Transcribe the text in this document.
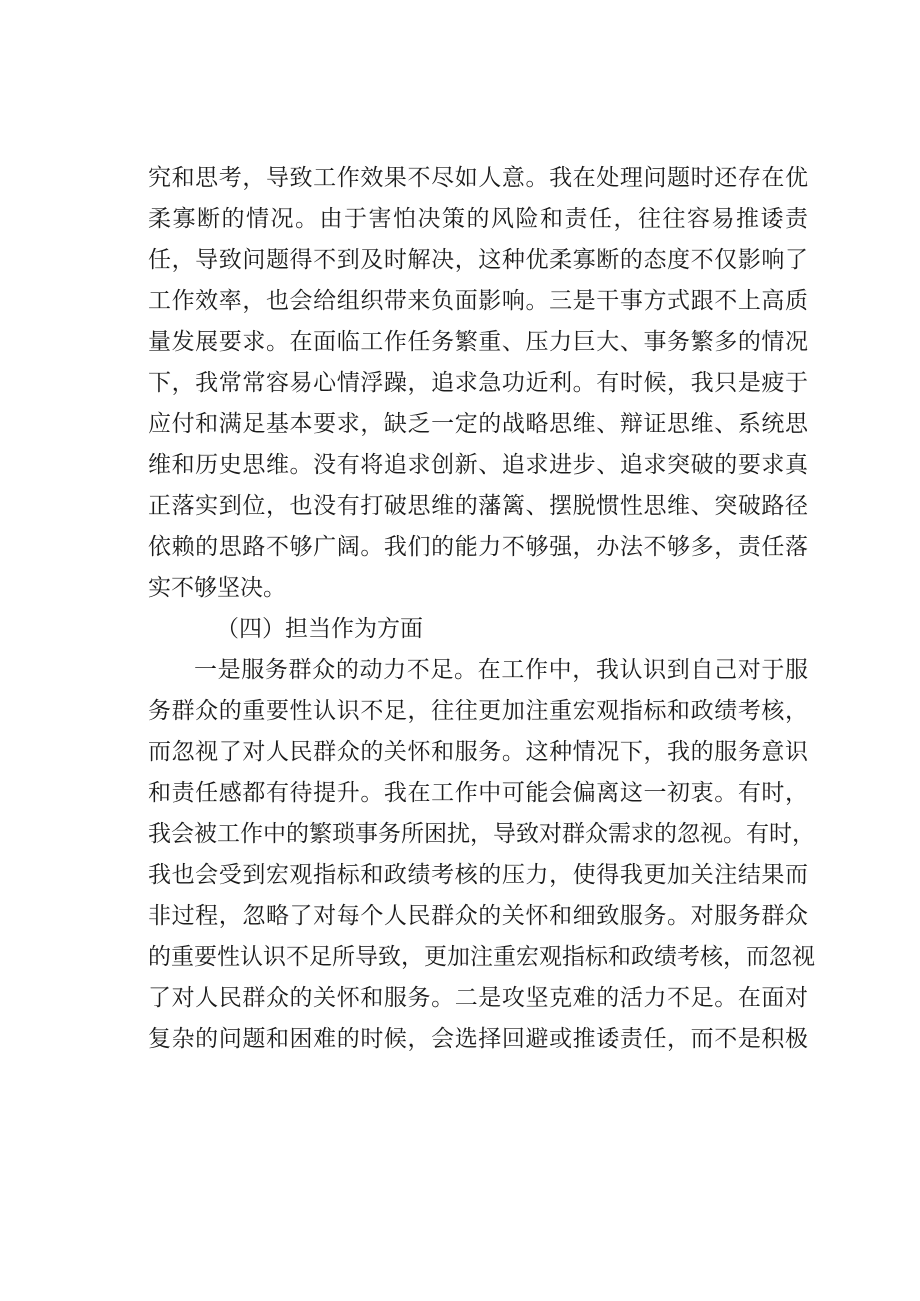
究和思考，导致工作效果不尽如人意。我在处理问题时还存在优
柔寡断的情况。由于害怕决策的风险和责任，往往容易推诿责
任，导致问题得不到及时解决，这种优柔寡断的态度不仅影响了
工作效率，也会给组织带来负面影响。三是干事方式跟不上高质
量发展要求。在面临工作任务繁重、压力巨大、事务繁多的情况
下，我常常容易心情浮躁，追求急功近利。有时候，我只是疲于
应付和满足基本要求，缺乏一定的战略思维、辩证思维、系统思
维和历史思维。没有将追求创新、追求进步、追求突破的要求真
正落实到位，也没有打破思维的藩篱、摆脱惯性思维、突破路径
依赖的思路不够广阔。我们的能力不够强，办法不够多，责任落
实不够坚决。
（四）担当作为方面
一是服务群众的动力不足。在工作中，我认识到自己对于服
务群众的重要性认识不足，往往更加注重宏观指标和政绩考核，
而忽视了对人民群众的关怀和服务。这种情况下，我的服务意识
和责任感都有待提升。我在工作中可能会偏离这一初衷。有时，
我会被工作中的繁琐事务所困扰，导致对群众需求的忽视。有时，
我也会受到宏观指标和政绩考核的压力，使得我更加关注结果而
非过程，忽略了对每个人民群众的关怀和细致服务。对服务群众
的重要性认识不足所导致，更加注重宏观指标和政绩考核，而忽视
了对人民群众的关怀和服务。二是攻坚克难的活力不足。在面对
复杂的问题和困难的时候，会选择回避或推诿责任，而不是积极
